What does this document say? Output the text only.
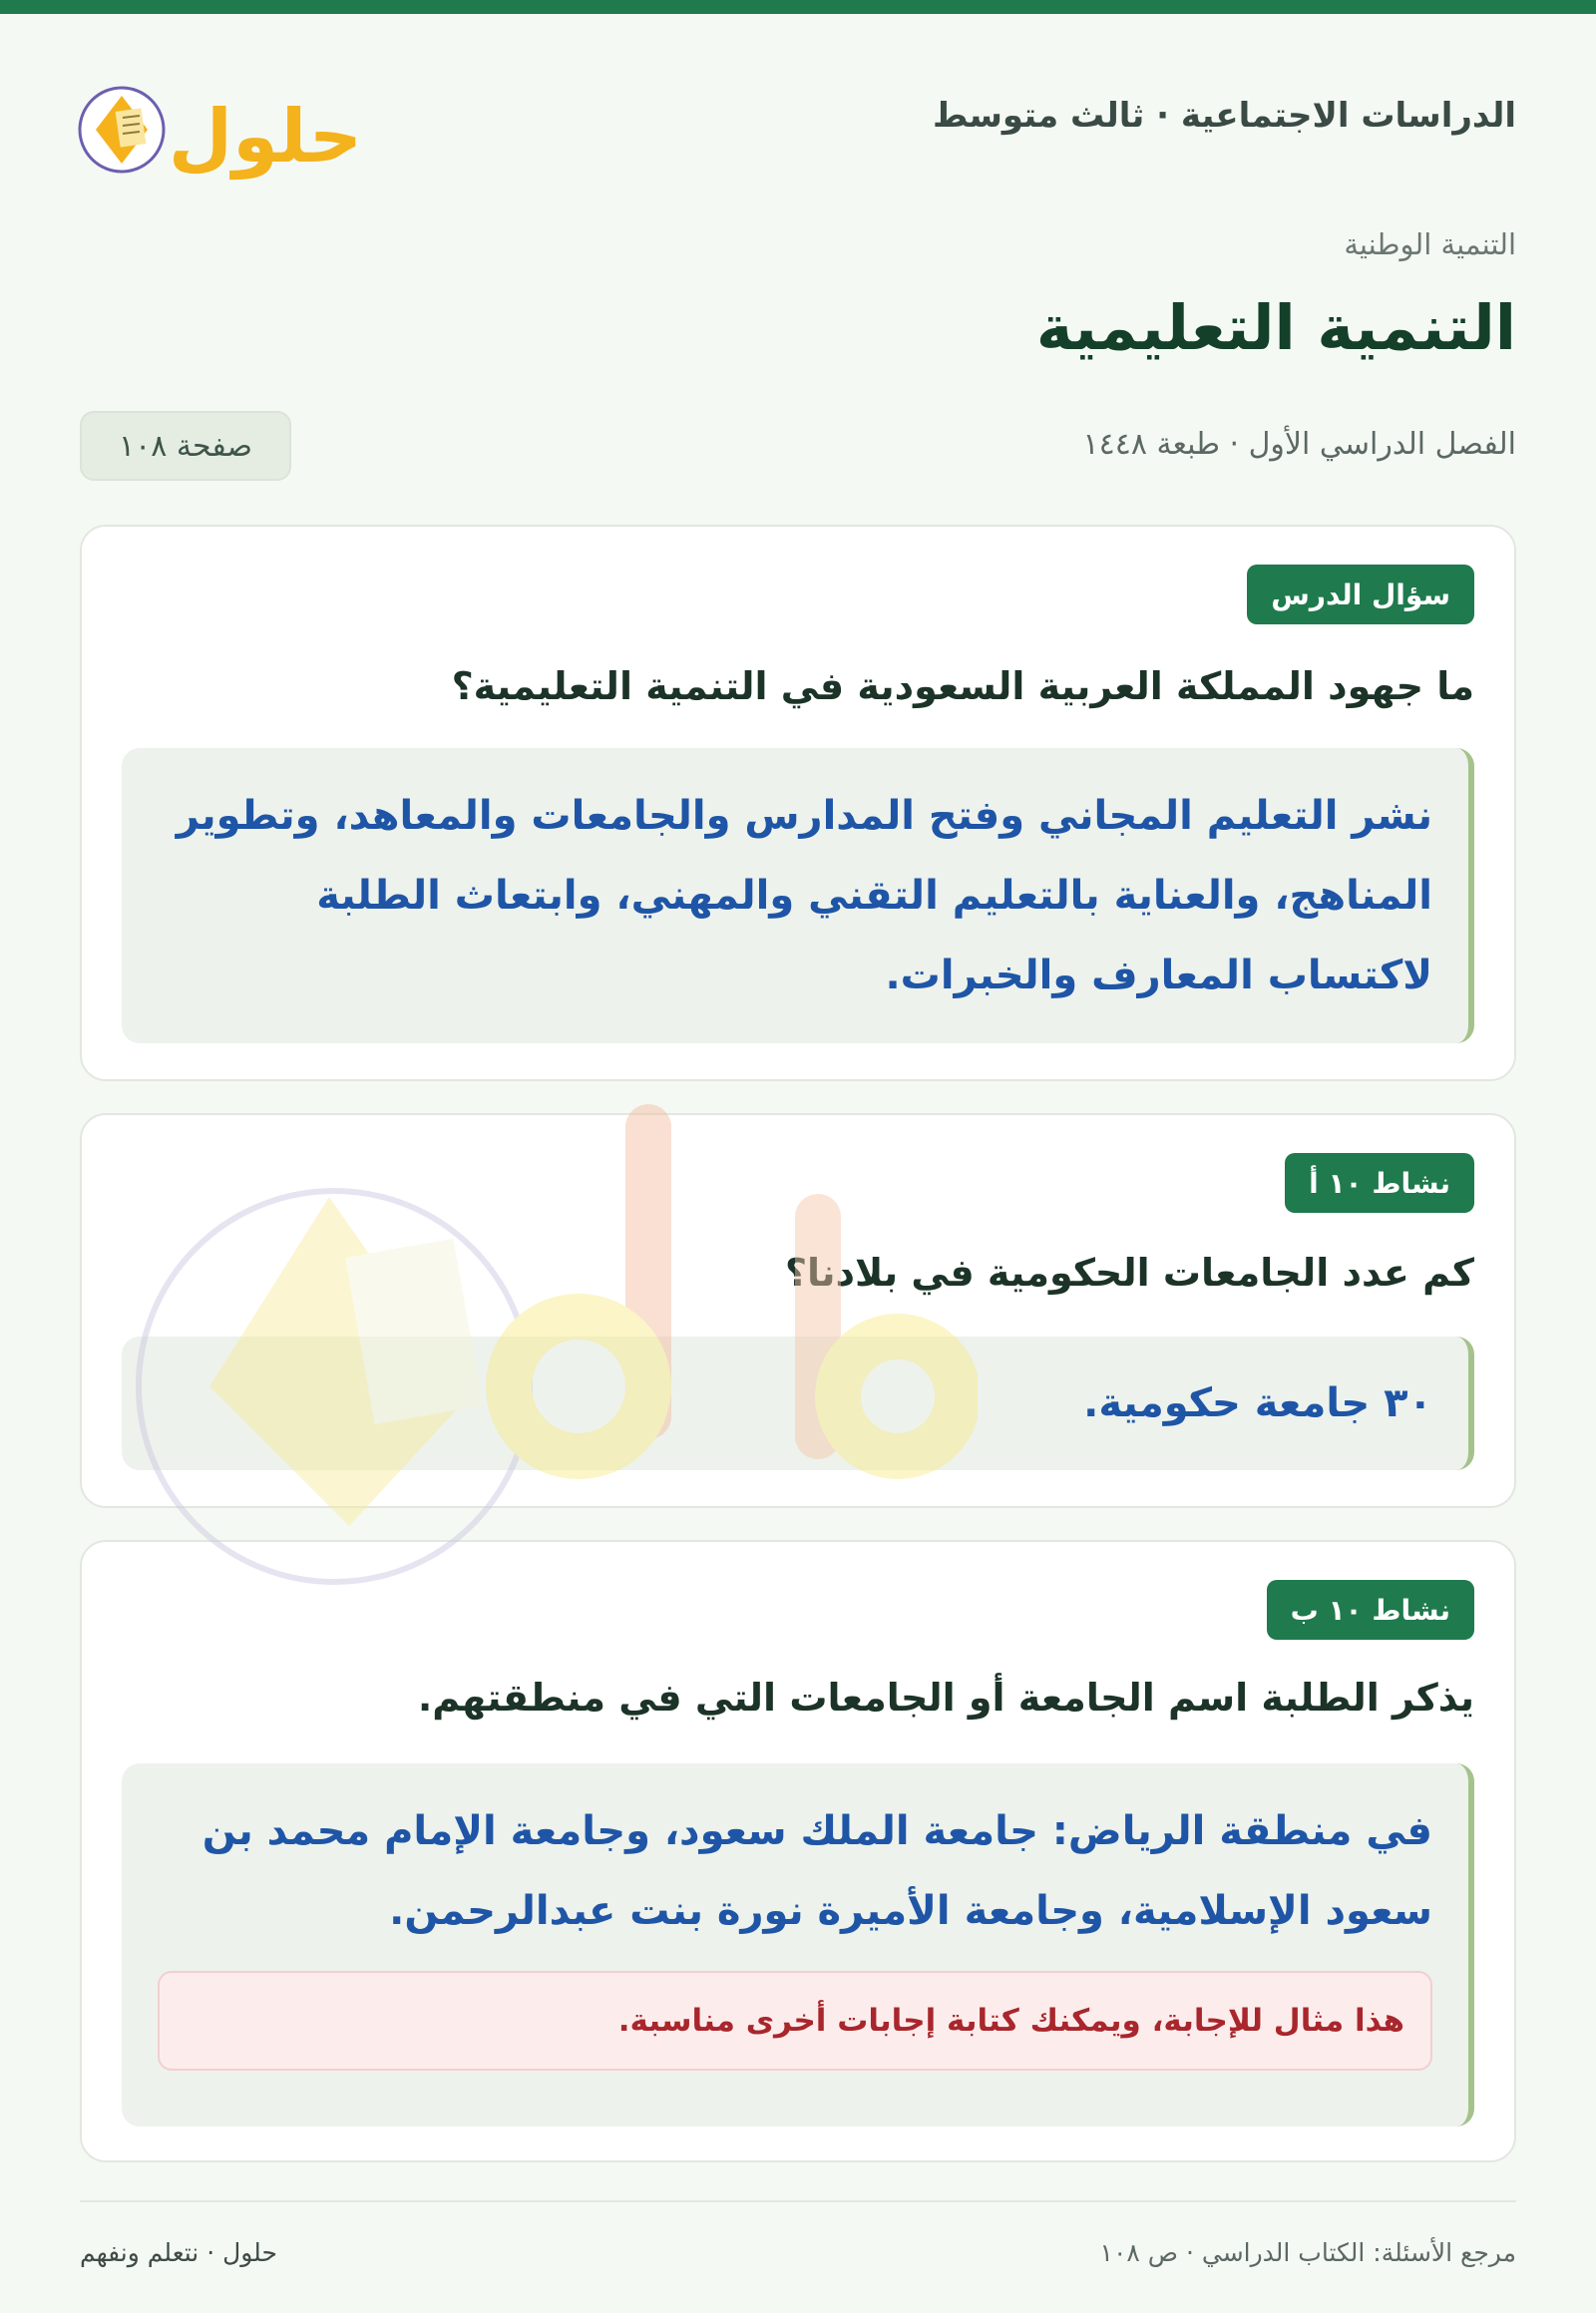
الدراسات الاجتماعية · ثالث متوسط
حلول
التنمية الوطنية
التنمية التعليمية
الفصل الدراسي الأول · طبعة ١٤٤٨
صفحة ١٠٨
سؤال الدرس
ما جهود المملكة العربية السعودية في التنمية التعليمية؟
نشر التعليم المجاني وفتح المدارس والجامعات والمعاهد، وتطوير المناهج، والعناية بالتعليم التقني والمهني، وابتعاث الطلبة لاكتساب المعارف والخبرات.
نشاط ١٠ أ
كم عدد الجامعات الحكومية في بلادنا؟
٣٠ جامعة حكومية.
نشاط ١٠ ب
يذكر الطلبة اسم الجامعة أو الجامعات التي في منطقتهم.
في منطقة الرياض: جامعة الملك سعود، وجامعة الإمام محمد بن سعود الإسلامية، وجامعة الأميرة نورة بنت عبدالرحمن.
هذا مثال للإجابة، ويمكنك كتابة إجابات أخرى مناسبة.
مرجع الأسئلة: الكتاب الدراسي · ص ١٠٨
حلول · نتعلم ونفهم
